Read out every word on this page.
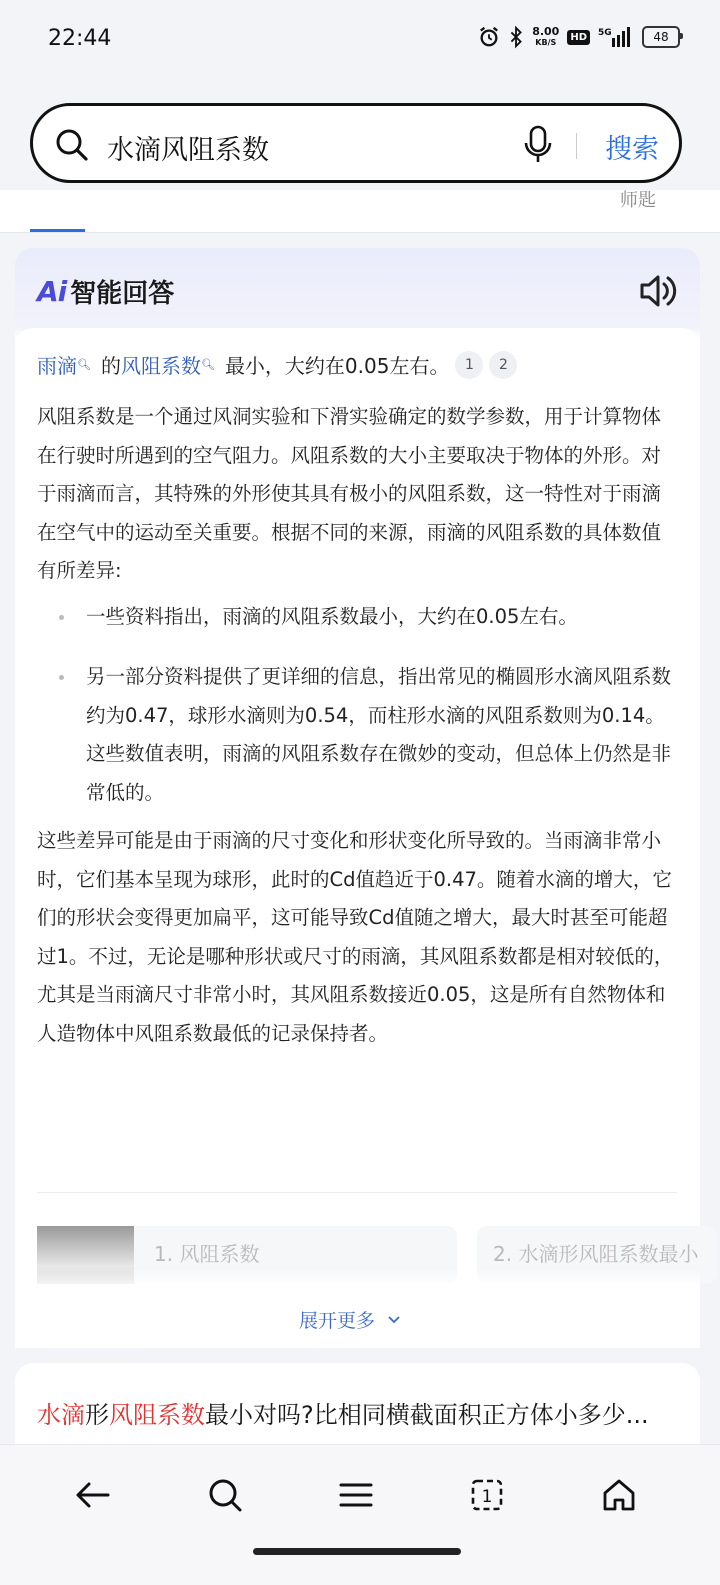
22:44	8.00
KB/S	HD	5G	48
水滴风阻系数	搜索
师匙
Ai 智能回答
雨滴 🔍︎ 的 风阻系数 🔍︎ 最小，大约在0.05左右。	1	2
风阻系数是一个通过风洞实验和下滑实验确定的数学参数，用于计算物体在行驶时所遇到的空气阻力。风阻系数的大小主要取决于物体的外形。对于雨滴而言，其特殊的外形使其具有极小的风阻系数，这一特性对于雨滴在空气中的运动至关重要。根据不同的来源，雨滴的风阻系数的具体数值有所差异:
一些资料指出，雨滴的风阻系数最小，大约在0.05左右。
另一部分资料提供了更详细的信息，指出常见的椭圆形水滴风阻系数约为0.47，球形水滴则为0.54，而柱形水滴的风阻系数则为0.14。这些数值表明，雨滴的风阻系数存在微妙的变动，但总体上仍然是非常低的。
这些差异可能是由于雨滴的尺寸变化和形状变化所导致的。当雨滴非常小时，它们基本呈现为球形，此时的Cd值趋近于0.47。随着水滴的增大，它们的形状会变得更加扁平，这可能导致Cd值随之增大，最大时甚至可能超过1。不过，无论是哪种形状或尺寸的雨滴，其风阻系数都是相对较低的，尤其是当雨滴尺寸非常小时，其风阻系数接近0.05，这是所有自然物体和人造物体中风阻系数最低的记录保持者。
1. 风阻系数	2. 水滴形风阻系数最小
展开更多
水滴形风阻系数最小对吗?比相同横截面积正方体小多少...
1
